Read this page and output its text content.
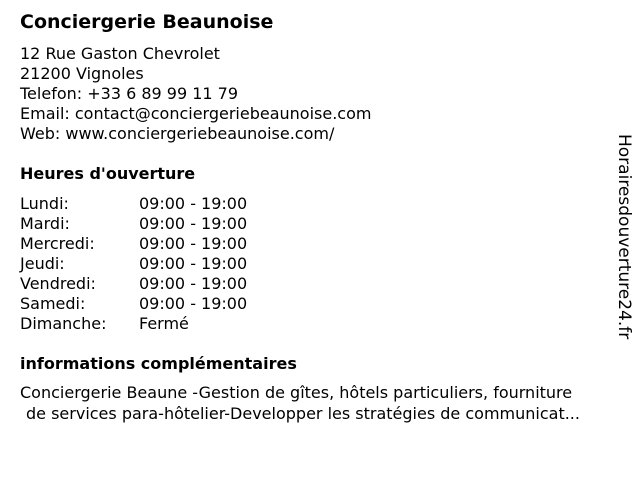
Conciergerie Beaunoise
12 Rue Gaston Chevrolet
21200 Vignoles
Telefon: +33 6 89 99 11 79
Email: contact@conciergeriebeaunoise.com
Web: www.conciergeriebeaunoise.com/
Heures d'ouverture
Lundi:	09:00 - 19:00
Mardi:	09:00 - 19:00
Mercredi:	09:00 - 19:00
Jeudi:	09:00 - 19:00
Vendredi:	09:00 - 19:00
Samedi:	09:00 - 19:00
Dimanche: Fermé
informations complémentaires
Conciergerie Beaune -Gestion de gîtes, hôtels particuliers, fourniture
de services para-hôtelier-Developper les stratégies de communicat...
Horairesdouverture24.fr
